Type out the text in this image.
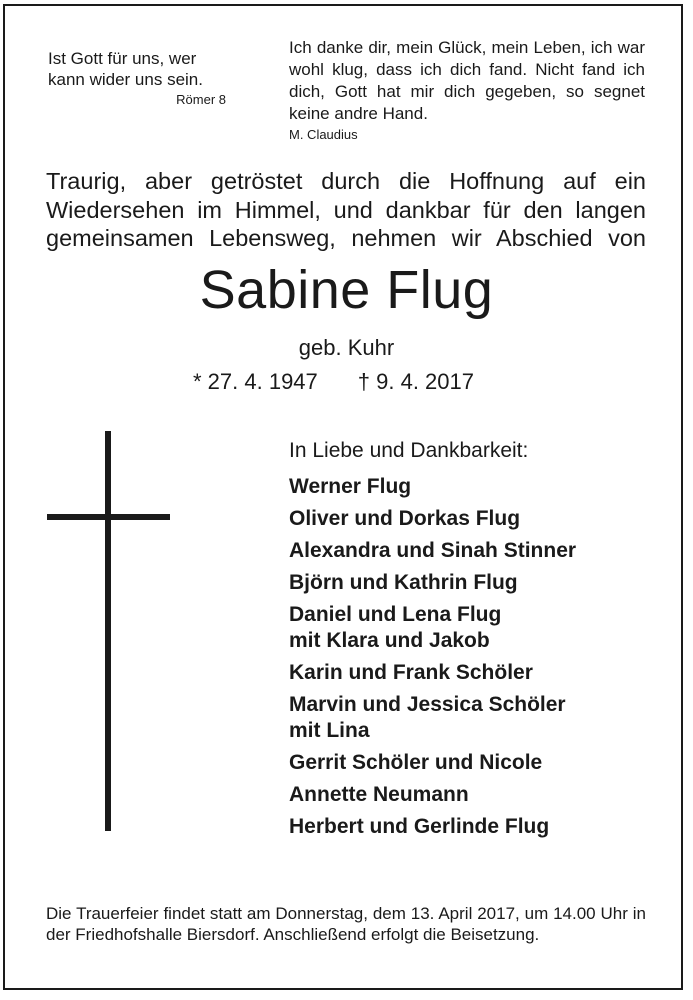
Ist Gott für uns, wer
kann wider uns sein.
Römer 8
Ich danke dir, mein Glück, mein Leben, ich war wohl klug, dass ich dich fand. Nicht fand ich dich, Gott hat mir dich gegeben, so segnet keine andre Hand.
M. Claudius
Traurig, aber getröstet durch die Hoffnung auf ein Wiedersehen im Himmel, und dankbar für den langen gemeinsamen Lebensweg, nehmen wir Abschied von
Sabine Flug
geb. Kuhr
* 27. 4. 1947 † 9. 4. 2017
In Liebe und Dankbarkeit:
Werner Flug
Oliver und Dorkas Flug
Alexandra und Sinah Stinner
Björn und Kathrin Flug
Daniel und Lena Flug
mit Klara und Jakob
Karin und Frank Schöler
Marvin und Jessica Schöler
mit Lina
Gerrit Schöler und Nicole
Annette Neumann
Herbert und Gerlinde Flug
Die Trauerfeier findet statt am Donnerstag, dem 13. April 2017, um 14.00 Uhr in der Friedhofshalle Biersdorf. Anschließend erfolgt die Beisetzung.
